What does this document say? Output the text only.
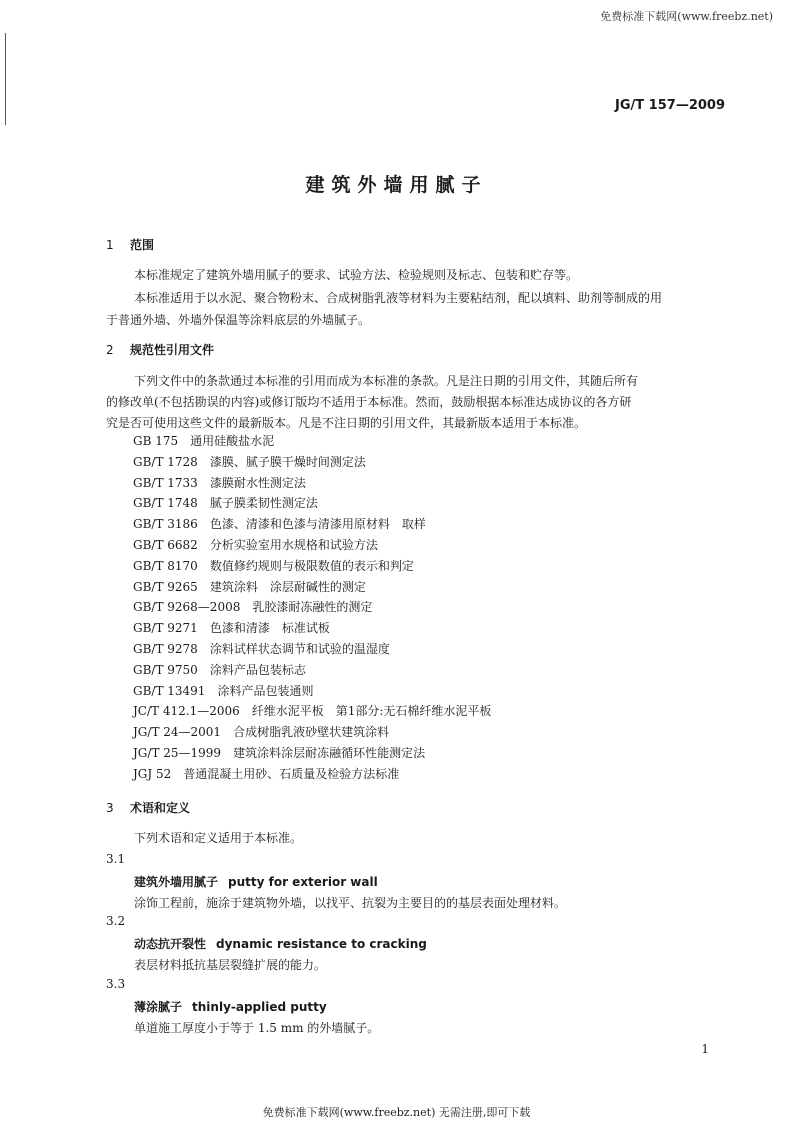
免费标准下载网(www.freebz.net)
JG/T 157—2009
建筑外墙用腻子
1 范围
本标准规定了建筑外墙用腻子的要求、试验方法、检验规则及标志、包装和贮存等。
本标准适用于以水泥、聚合物粉末、合成树脂乳液等材料为主要粘结剂，配以填料、助剂等制成的用
于普通外墙、外墙外保温等涂料底层的外墙腻子。
2 规范性引用文件
下列文件中的条款通过本标准的引用而成为本标准的条款。凡是注日期的引用文件，其随后所有
的修改单(不包括勘误的内容)或修订版均不适用于本标准。然而，鼓励根据本标准达成协议的各方研
究是否可使用这些文件的最新版本。凡是不注日期的引用文件，其最新版本适用于本标准。
GB 175 通用硅酸盐水泥
GB/T 1728 漆膜、腻子膜干燥时间测定法
GB/T 1733 漆膜耐水性测定法
GB/T 1748 腻子膜柔韧性测定法
GB/T 3186 色漆、清漆和色漆与清漆用原材料　取样
GB/T 6682 分析实验室用水规格和试验方法
GB/T 8170 数值修约规则与极限数值的表示和判定
GB/T 9265 建筑涂料　涂层耐碱性的测定
GB/T 9268—2008 乳胶漆耐冻融性的测定
GB/T 9271 色漆和清漆　标准试板
GB/T 9278 涂料试样状态调节和试验的温湿度
GB/T 9750 涂料产品包装标志
GB/T 13491 涂料产品包装通则
JC/T 412.1—2006 纤维水泥平板　第1部分:无石棉纤维水泥平板
JG/T 24—2001 合成树脂乳液砂壁状建筑涂料
JG/T 25—1999 建筑涂料涂层耐冻融循环性能测定法
JGJ 52 普通混凝土用砂、石质量及检验方法标准
3 术语和定义
下列术语和定义适用于本标准。
3.1
建筑外墙用腻子 putty for exterior wall
涂饰工程前，施涂于建筑物外墙，以找平、抗裂为主要目的的基层表面处理材料。
3.2
动态抗开裂性 dynamic resistance to cracking
表层材料抵抗基层裂缝扩展的能力。
3.3
薄涂腻子 thinly-applied putty
单道施工厚度小于等于 1.5 mm 的外墙腻子。
1
免费标准下载网(www.freebz.net) 无需注册,即可下载
